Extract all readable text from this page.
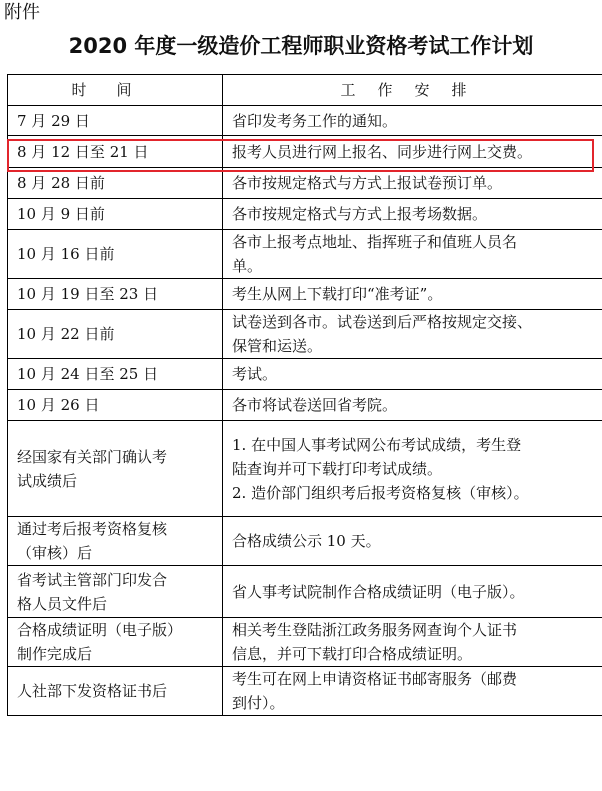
附件
2020 年度一级造价工程师职业资格考试工作计划
时间	工作安排

7 月 29 日	省印发考务工作的通知。

8 月 12 日至 21 日	报考人员进行网上报名、同步进行网上交费。

8 月 28 日前	各市按规定格式与方式上报试卷预订单。

10 月 9 日前	各市按规定格式与方式上报考场数据。

10 月 16 日前	各市上报考点地址、指挥班子和值班人员名
单。

10 月 19 日至 23 日	考生从网上下载打印“准考证”。

10 月 22 日前	试卷送到各市。试卷送到后严格按规定交接、
保管和运送。

10 月 24 日至 25 日	考试。

10 月 26 日	各市将试卷送回省考院。

经国家有关部门确认考
试成绩后	1. 在中国人事考试网公布考试成绩，考生登
陆查询并可下载打印考试成绩。
2. 造价部门组织考后报考资格复核（审核）。

通过考后报考资格复核
（审核）后	合格成绩公示 10 天。

省考试主管部门印发合
格人员文件后	省人事考试院制作合格成绩证明（电子版）。

合格成绩证明（电子版）
制作完成后	相关考生登陆浙江政务服务网查询个人证书
信息，并可下载打印合格成绩证明。

人社部下发资格证书后	考生可在网上申请资格证书邮寄服务（邮费
到付）。
